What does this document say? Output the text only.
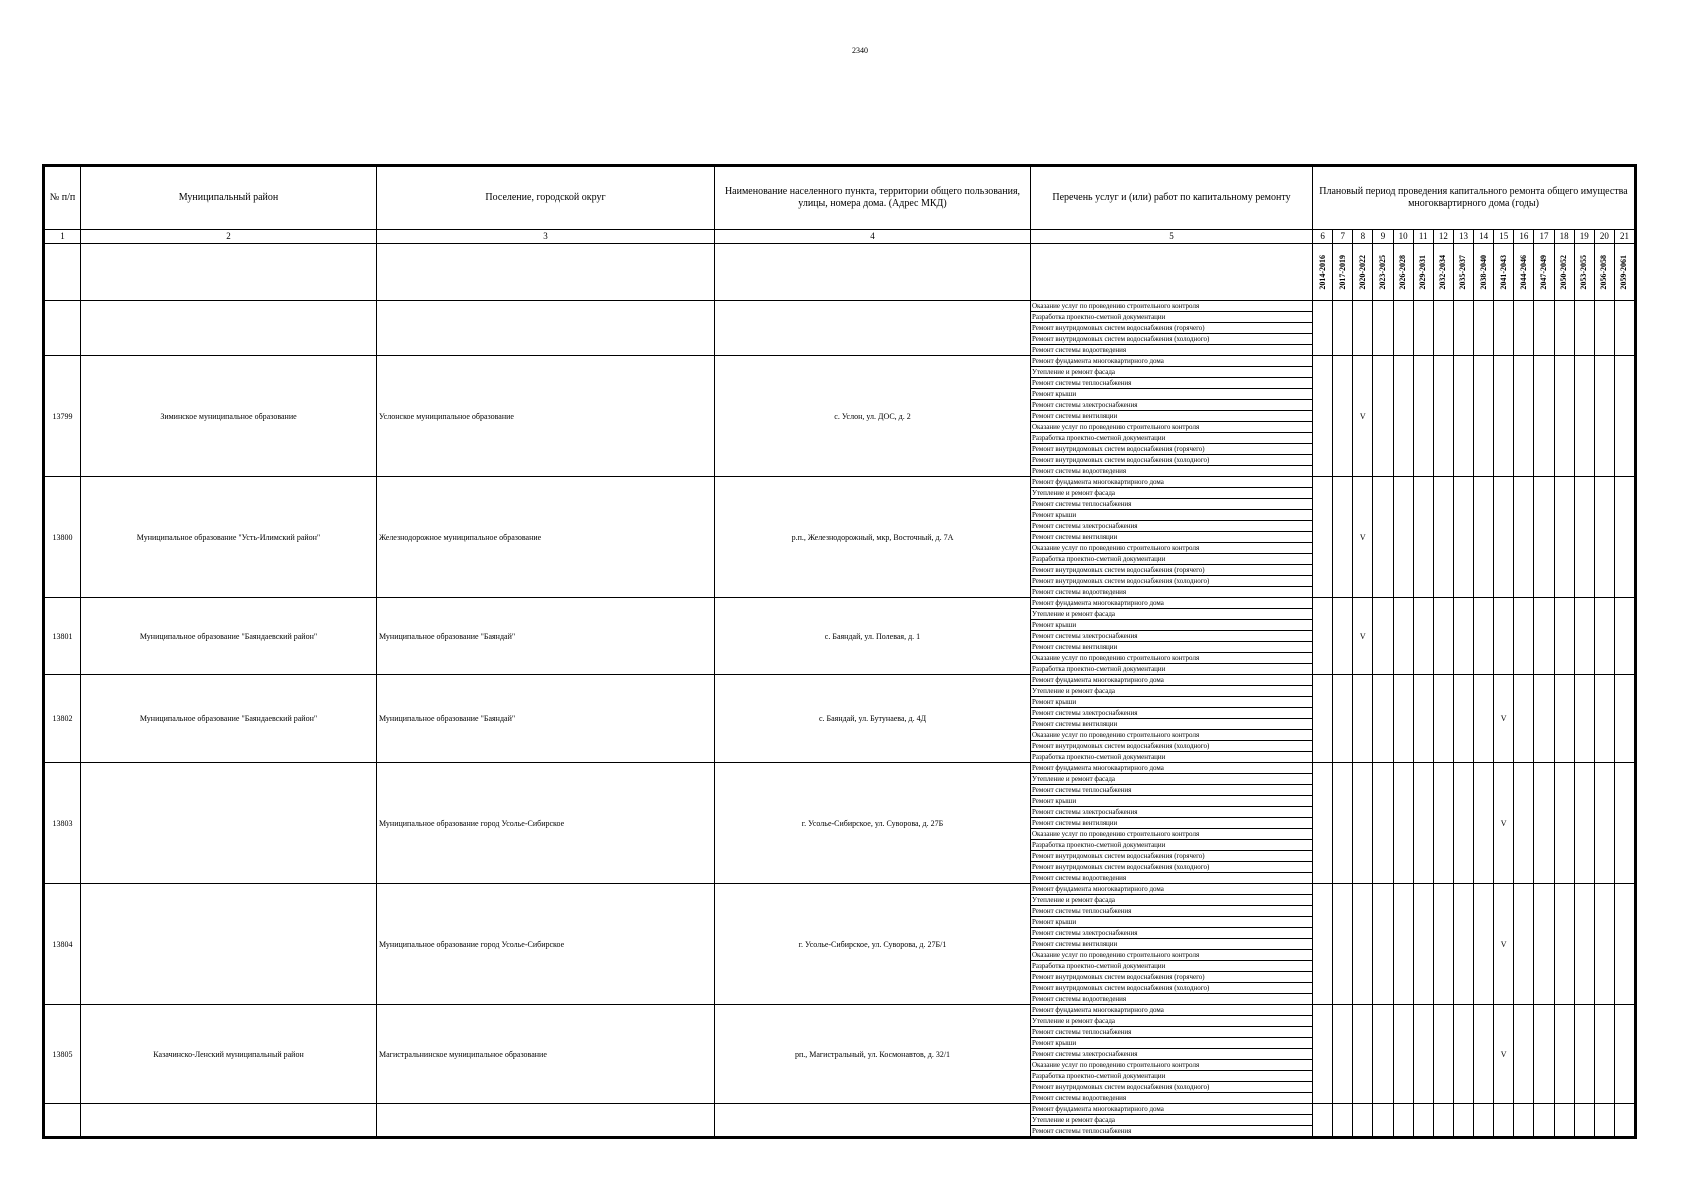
2340
№ п/п	Муниципальный район	Поселение, городской округ	Наименование населенного пункта, территории общего пользования, улицы, номера дома. (Адрес МКД)	Перечень услуг и (или) работ по капитальному ремонту	Плановый период проведения капитального ремонта общего имущества многоквартирного дома (годы)															
1	2	3	4	5	6	7	8	9	10	11	12	13	14	15	16	17	18	19	20	21

					2014-2016	2017-2019	2020-2022	2023-2025	2026-2028	2029-2031	2032-2034	2035-2037	2038-2040	2041-2043	2044-2046	2047-2049	2050-2052	2053-2055	2056-2058	2059-2061

				Оказание услуг по проведению строительного контроля																
				Разработка проектно-сметной документации																
				Ремонт внутридомовых систем водоснабжения (горячего)																
				Ремонт внутридомовых систем водоснабжения (холодного)																
				Ремонт системы водоотведения																
13799	Зиминское муниципальное образование	Услонское муниципальное образование	с. Услон, ул. ДОС, д. 2	Ремонт фундамента многоквартирного дома			V													
				Утепление и ремонт фасада																
				Ремонт системы теплоснабжения																
				Ремонт крыши																
				Ремонт системы электроснабжения																
				Ремонт системы вентиляции																
				Оказание услуг по проведению строительного контроля																
				Разработка проектно-сметной документации																
				Ремонт внутридомовых систем водоснабжения (горячего)																
				Ремонт внутридомовых систем водоснабжения (холодного)																
				Ремонт системы водоотведения																
13800	Муниципальное образование "Усть-Илимский район"	Железнодорожное муниципальное образование	р.п., Железнодорожный, мкр, Восточный, д. 7А	Ремонт фундамента многоквартирного дома			V													
				Утепление и ремонт фасада																
				Ремонт системы теплоснабжения																
				Ремонт крыши																
				Ремонт системы электроснабжения																
				Ремонт системы вентиляции																
				Оказание услуг по проведению строительного контроля																
				Разработка проектно-сметной документации																
				Ремонт внутридомовых систем водоснабжения (горячего)																
				Ремонт внутридомовых систем водоснабжения (холодного)																
				Ремонт системы водоотведения																
13801	Муниципальное образование "Баяндаевский район"	Муниципальное образование "Баяндай"	с. Баяндай, ул. Полевая, д. 1	Ремонт фундамента многоквартирного дома			V													
				Утепление и ремонт фасада																
				Ремонт крыши																
				Ремонт системы электроснабжения																
				Ремонт системы вентиляции																
				Оказание услуг по проведению строительного контроля																
				Разработка проектно-сметной документации																
13802	Муниципальное образование "Баяндаевский район"	Муниципальное образование "Баяндай"	с. Баяндай, ул. Бутунаева, д. 4Д	Ремонт фундамента многоквартирного дома										V						
				Утепление и ремонт фасада																
				Ремонт крыши																
				Ремонт системы электроснабжения																
				Ремонт системы вентиляции																
				Оказание услуг по проведению строительного контроля																
				Ремонт внутридомовых систем водоснабжения (холодного)																
				Разработка проектно-сметной документации																
13803		Муниципальное образование город Усолье-Сибирское	г. Усолье-Сибирское, ул. Суворова, д. 27Б	Ремонт фундамента многоквартирного дома										V						
				Утепление и ремонт фасада																
				Ремонт системы теплоснабжения																
				Ремонт крыши																
				Ремонт системы электроснабжения																
				Ремонт системы вентиляции																
				Оказание услуг по проведению строительного контроля																
				Разработка проектно-сметной документации																
				Ремонт внутридомовых систем водоснабжения (горячего)																
				Ремонт внутридомовых систем водоснабжения (холодного)																
				Ремонт системы водоотведения																
13804		Муниципальное образование город Усолье-Сибирское	г. Усолье-Сибирское, ул. Суворова, д. 27Б/1	Ремонт фундамента многоквартирного дома										V						
				Утепление и ремонт фасада																
				Ремонт системы теплоснабжения																
				Ремонт крыши																
				Ремонт системы электроснабжения																
				Ремонт системы вентиляции																
				Оказание услуг по проведению строительного контроля																
				Разработка проектно-сметной документации																
				Ремонт внутридомовых систем водоснабжения (горячего)																
				Ремонт внутридомовых систем водоснабжения (холодного)																
				Ремонт системы водоотведения																
13805	Казачинско-Ленский муниципальный район	Магистральнинское муниципальное образование	рп., Магистральный, ул. Космонавтов, д. 32/1	Ремонт фундамента многоквартирного дома										V						
				Утепление и ремонт фасада																
				Ремонт системы теплоснабжения																
				Ремонт крыши																
				Ремонт системы электроснабжения																
				Оказание услуг по проведению строительного контроля																
				Разработка проектно-сметной документации																
				Ремонт внутридомовых систем водоснабжения (холодного)																
				Ремонт системы водоотведения																
				Ремонт фундамента многоквартирного дома																
				Утепление и ремонт фасада																
				Ремонт системы теплоснабжения																
